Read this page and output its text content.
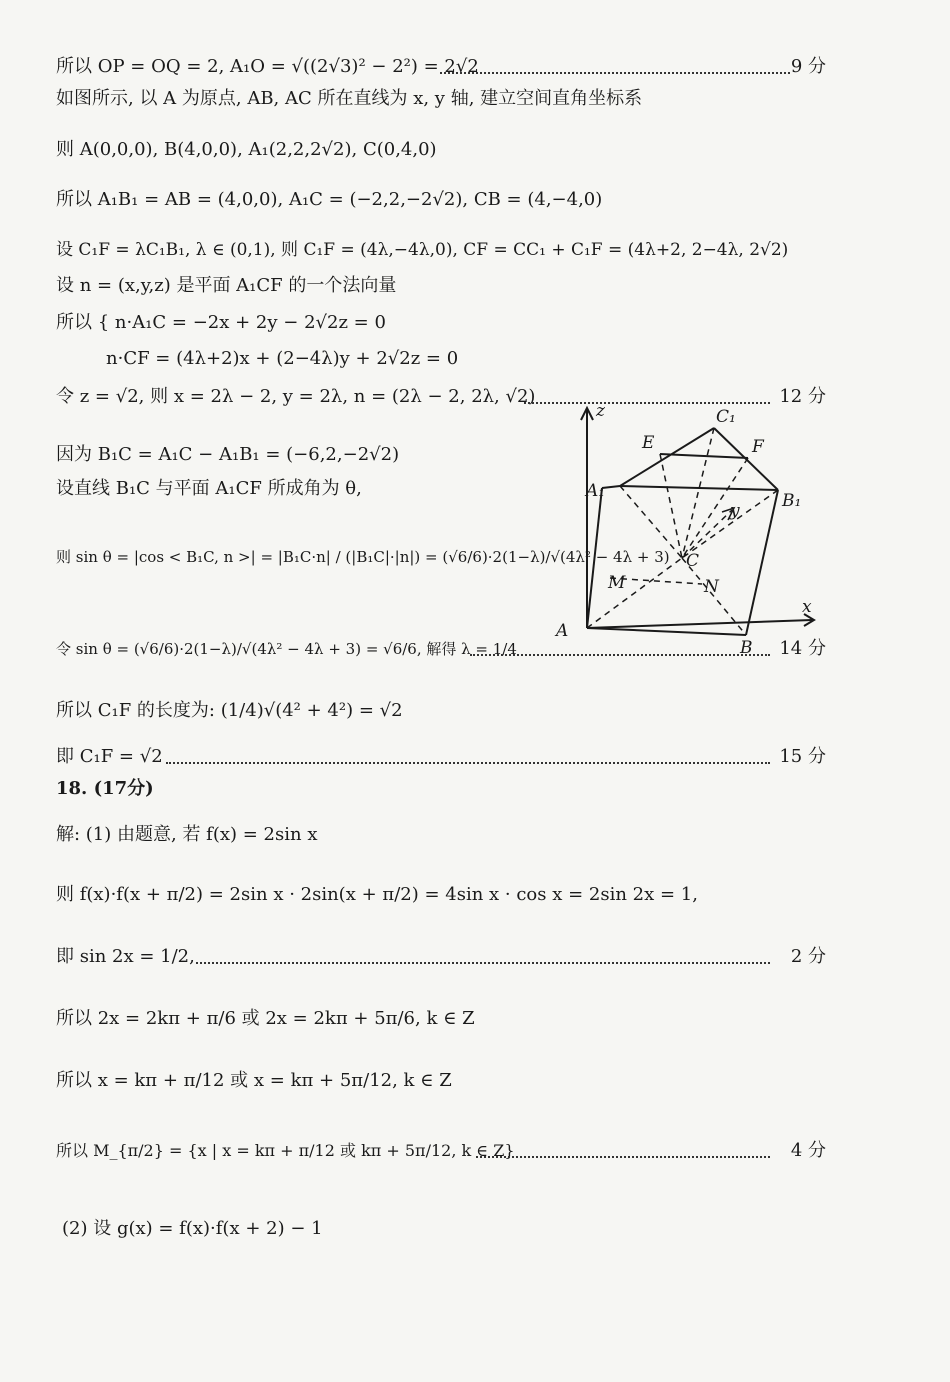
所以 OP = OQ = 2, A₁O = √((2√3)² − 2²) = 2√2	9 分
如图所示, 以 A 为原点, AB, AC 所在直线为 x, y 轴, 建立空间直角坐标系
则 A(0,0,0), B(4,0,0), A₁(2,2,2√2), C(0,4,0)
所以 A₁B₁ = AB = (4,0,0), A₁C = (−2,2,−2√2), CB = (4,−4,0)
设 C₁F = λC₁B₁, λ ∈ (0,1), 则 C₁F = (4λ,−4λ,0), CF = CC₁ + C₁F = (4λ+2, 2−4λ, 2√2)
设 n = (x,y,z) 是平面 A₁CF 的一个法向量
所以 { n·A₁C = −2x + 2y − 2√2z = 0
n·CF = (4λ+2)x + (2−4λ)y + 2√2z = 0
令 z = √2, 则 x = 2λ − 2, y = 2λ, n = (2λ − 2, 2λ, √2)	12 分
因为 B₁C = A₁C − A₁B₁ = (−6,2,−2√2)
设直线 B₁C 与平面 A₁CF 所成角为 θ,
则 sin θ = |cos < B₁C, n >| = |B₁C·n| / (|B₁C|·|n|) = (√6/6)·2(1−λ)/√(4λ² − 4λ + 3)
令 sin θ = (√6/6)·2(1−λ)/√(4λ² − 4λ + 3) = √6/6, 解得 λ = 1/4	14 分
所以 C₁F 的长度为: (1/4)√(4² + 4²) = √2
即 C₁F = √2	15 分
18. (17分)
解: (1) 由题意, 若 f(x) = 2sin x
则 f(x)·f(x + π/2) = 2sin x · 2sin(x + π/2) = 4sin x · cos x = 2sin 2x = 1,
即 sin 2x = 1/2,	2 分
所以 2x = 2kπ + π/6 或 2x = 2kπ + 5π/6, k ∈ Z
所以 x = kπ + π/12 或 x = kπ + 5π/12, k ∈ Z
所以 M_{π/2} = {x | x = kπ + π/12 或 kπ + 5π/12, k ∈ Z}	4 分
(2) 设 g(x) = f(x)·f(x + 2) − 1
z
y
x
C₁
E	F
A₁	B₁
C
M	N
A
B
